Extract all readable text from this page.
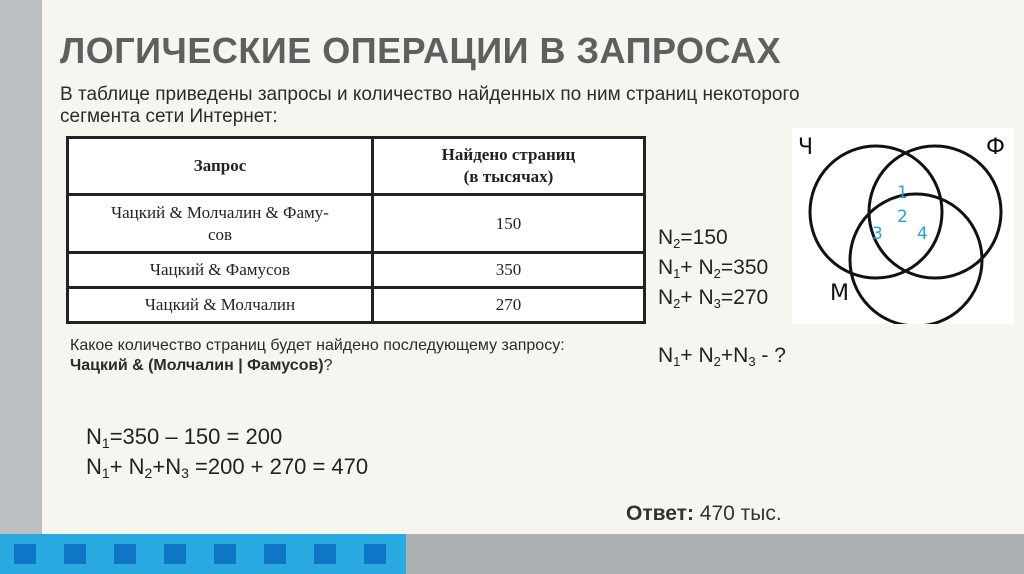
ЛОГИЧЕСКИЕ ОПЕРАЦИИ В ЗАПРОСАХ
В таблице приведены запросы и количество найденных по ним страниц некоторого
сегмента сети Интернет:
Запрос	Найдено страниц
(в тысячах)

Чацкий & Молчалин & Фаму-
сов	150
Чацкий & Фамусов	350
Чацкий & Молчалин	270
Какое количество страниц будет найдено последующему запросу:
Чацкий & (Молчалин | Фамусов)?
$N_2=150$
$N_1+ N_2=350$
$N_2+ N_3=270$
$N_1+ N_2+N_3$ - ?
$N_1=350 - 150 = 200$
$N_1+ N_2+N_3 =200 + 270 = 470$
Ответ: 470 тыс.
Ч	Ф
М
1
2
3 4
